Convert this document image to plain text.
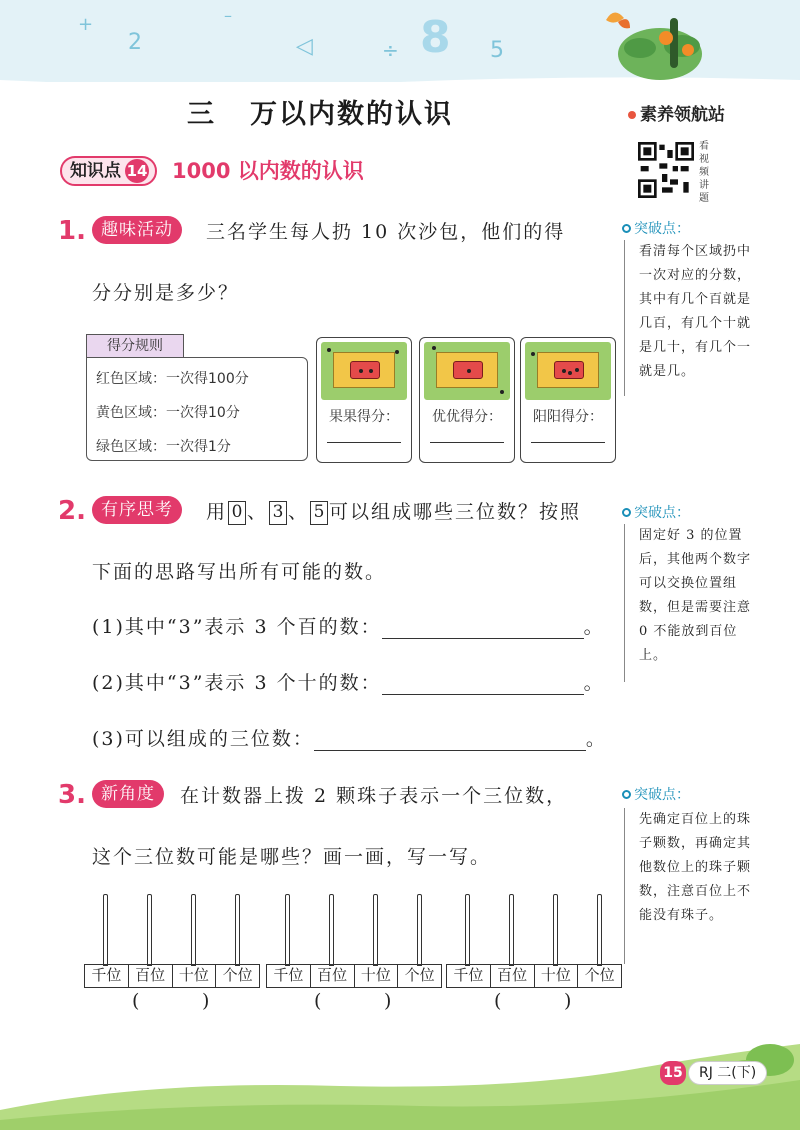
+
2	◁	÷ 8 5
–
三 万以内数的认识	素养领航站
看视频讲题
知识点 14 1000 以内数的认识
1. 趣味活动	三名学生每人扔 10 次沙包，他们的得
分分别是多少？
得分规则
红色区域：一次得100分
黄色区域：一次得10分
绿色区域：一次得1分
果果得分：	优优得分：	阳阳得分：
2. 有序思考	用 0 、 3 、 5 可以组成哪些三位数？按照
下面的思路写出所有可能的数。
(1)其中“3”表示 3 个百的数：	。
(2)其中“3”表示 3 个十的数：	。
(3)可以组成的三位数：	。
3. 新角度	在计数器上拨 2 颗珠子表示一个三位数，
这个三位数可能是哪些？画一画，写一写。
千位 百位 十位 个位
(	)
千位 百位 十位 个位
(	)
千位 百位 十位 个位
(	)
突破点：
看清每个区域扔中一次对应的分数，其中有几个百就是几百，有几个十就是几十，有几个一就是几。
突破点：
固定好 3 的位置后，其他两个数字可以交换位置组数，但是需要注意 0 不能放到百位上。
突破点：
先确定百位上的珠子颗数，再确定其他数位上的珠子颗数，注意百位上不能没有珠子。
15	RJ 二(下)
